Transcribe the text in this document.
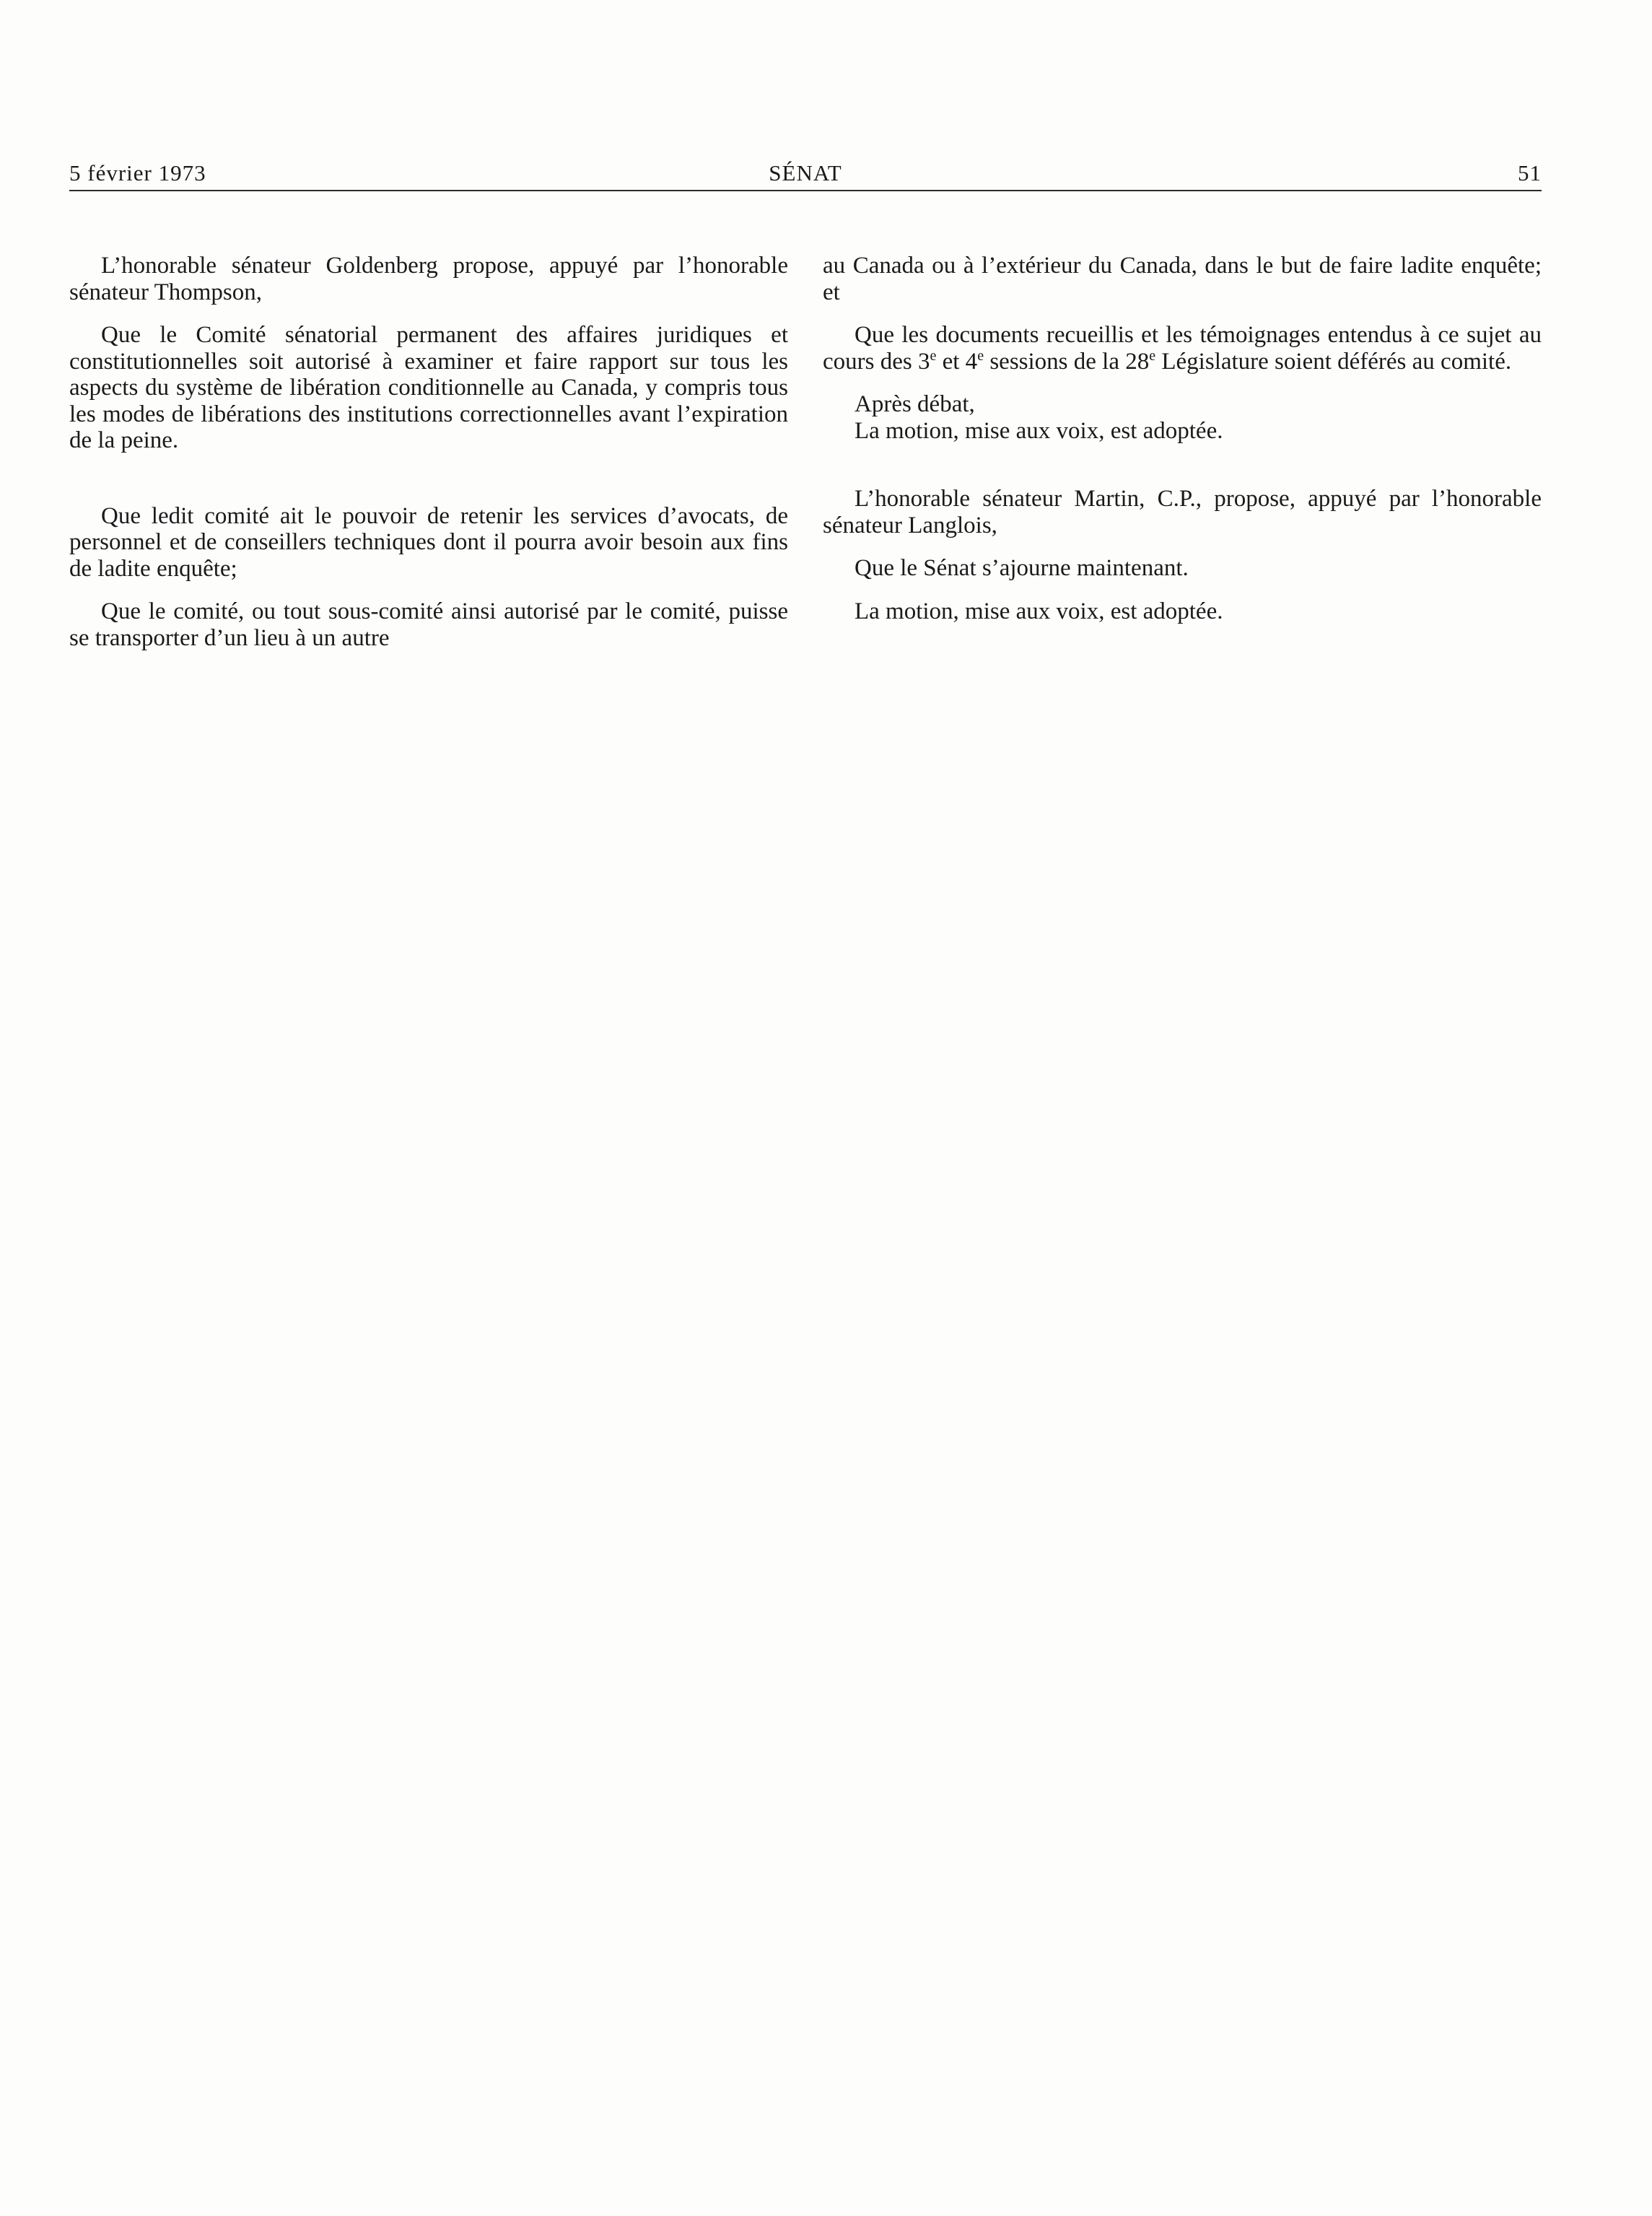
5 février 1973	SÉNAT	51

L’honorable sénateur Goldenberg propose, appuyé par l’honorable sénateur Thompson,

Que le Comité sénatorial permanent des affaires juridiques et constitutionnelles soit autorisé à examiner et faire rapport sur tous les aspects du système de libération conditionnelle au Canada, y compris tous les modes de libérations des institutions correctionnelles avant l’expiration de la peine.

Que ledit comité ait le pouvoir de retenir les services d’avocats, de personnel et de conseillers techniques dont il pourra avoir besoin aux fins de ladite enquête;

Que le comité, ou tout sous-comité ainsi autorisé par le comité, puisse se transporter d’un lieu à un autre

au Canada ou à l’extérieur du Canada, dans le but de faire ladite enquête; et

Que les documents recueillis et les témoignages entendus à ce sujet au cours des 3e et 4e sessions de la 28e Législature soient déférés au comité.

Après débat,

La motion, mise aux voix, est adoptée.

L’honorable sénateur Martin, C.P., propose, appuyé par l’honorable sénateur Langlois,

Que le Sénat s’ajourne maintenant.

La motion, mise aux voix, est adoptée.
